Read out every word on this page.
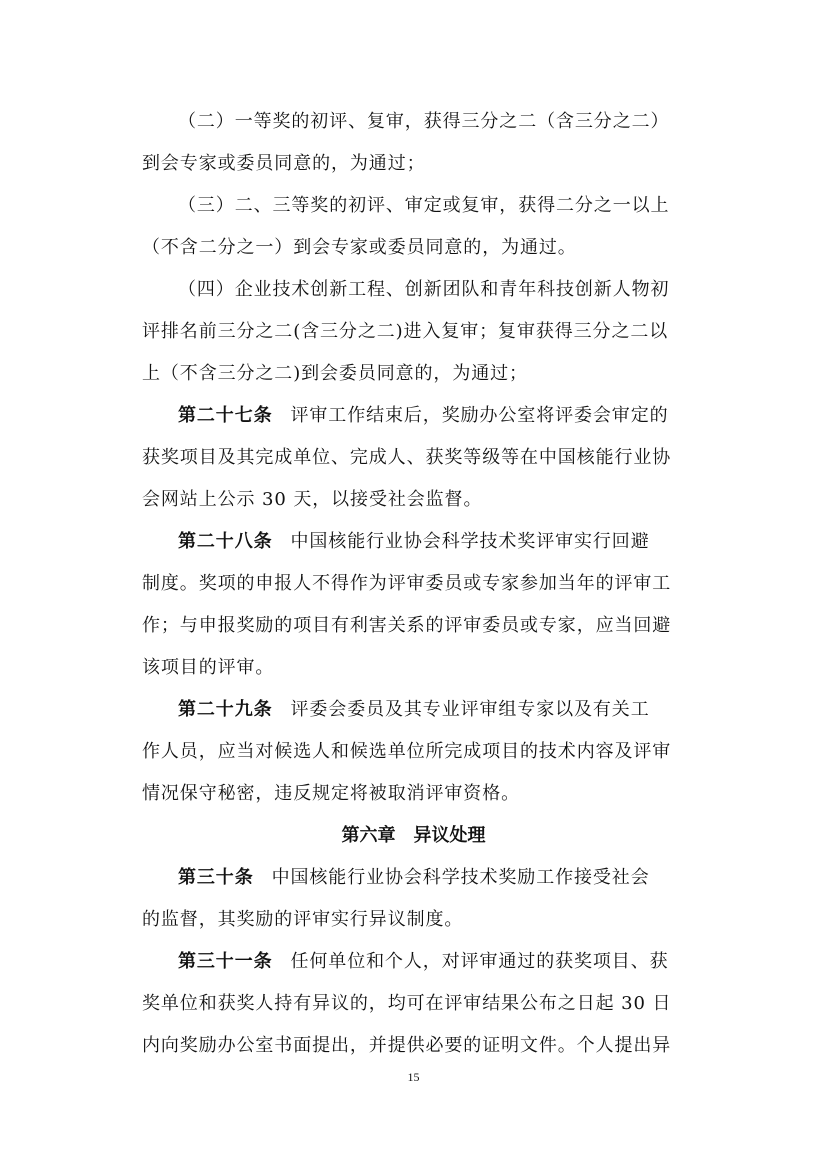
（二）一等奖的初评、复审，获得三分之二（含三分之二）
到会专家或委员同意的，为通过；
（三）二、三等奖的初评、审定或复审，获得二分之一以上
（不含二分之一）到会专家或委员同意的，为通过。
（四）企业技术创新工程、创新团队和青年科技创新人物初
评排名前三分之二(含三分之二)进入复审；复审获得三分之二以
上（不含三分之二)到会委员同意的，为通过；
第二十七条 评审工作结束后，奖励办公室将评委会审定的
获奖项目及其完成单位、完成人、获奖等级等在中国核能行业协
会网站上公示 30 天，以接受社会监督。
第二十八条 中国核能行业协会科学技术奖评审实行回避
制度。奖项的申报人不得作为评审委员或专家参加当年的评审工
作；与申报奖励的项目有利害关系的评审委员或专家，应当回避
该项目的评审。
第二十九条 评委会委员及其专业评审组专家以及有关工
作人员，应当对候选人和候选单位所完成项目的技术内容及评审
情况保守秘密，违反规定将被取消评审资格。
第六章　异议处理
第三十条 中国核能行业协会科学技术奖励工作接受社会
的监督，其奖励的评审实行异议制度。
第三十一条 任何单位和个人，对评审通过的获奖项目、获
奖单位和获奖人持有异议的，均可在评审结果公布之日起 30 日
内向奖励办公室书面提出，并提供必要的证明文件。个人提出异
15
